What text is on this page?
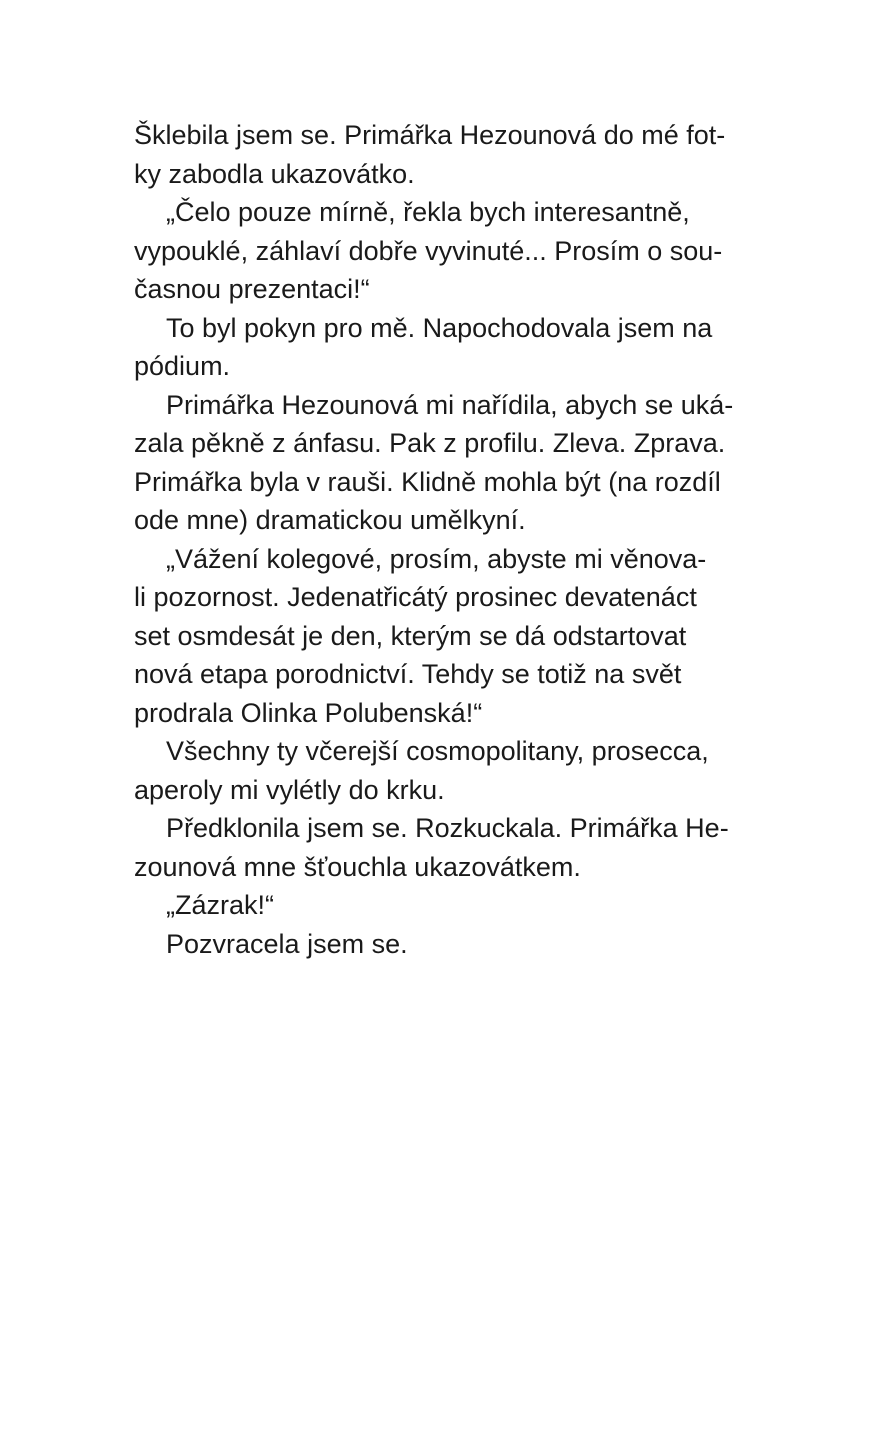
Šklebila jsem se. Primářka Hezounová do mé fot-
ky zabodla ukazovátko.
„Čelo pouze mírně, řekla bych interesantně,
vypouklé, záhlaví dobře vyvinuté... Prosím o sou-
časnou prezentaci!“
To byl pokyn pro mě. Napochodovala jsem na
pódium.
Primářka Hezounová mi nařídila, abych se uká-
zala pěkně z ánfasu. Pak z profilu. Zleva. Zprava.
Primářka byla v rauši. Klidně mohla být (na rozdíl
ode mne) dramatickou umělkyní.
„Vážení kolegové, prosím, abyste mi věnova-
li pozornost. Jedenatřicátý prosinec devatenáct
set osmdesát je den, kterým se dá odstartovat
nová etapa porodnictví. Tehdy se totiž na svět
prodrala Olinka Polubenská!“
Všechny ty včerejší cosmopolitany, prosecca,
aperoly mi vylétly do krku.
Předklonila jsem se. Rozkuckala. Primářka He-
zounová mne šťouchla ukazovátkem.
„Zázrak!“
Pozvracela jsem se.
